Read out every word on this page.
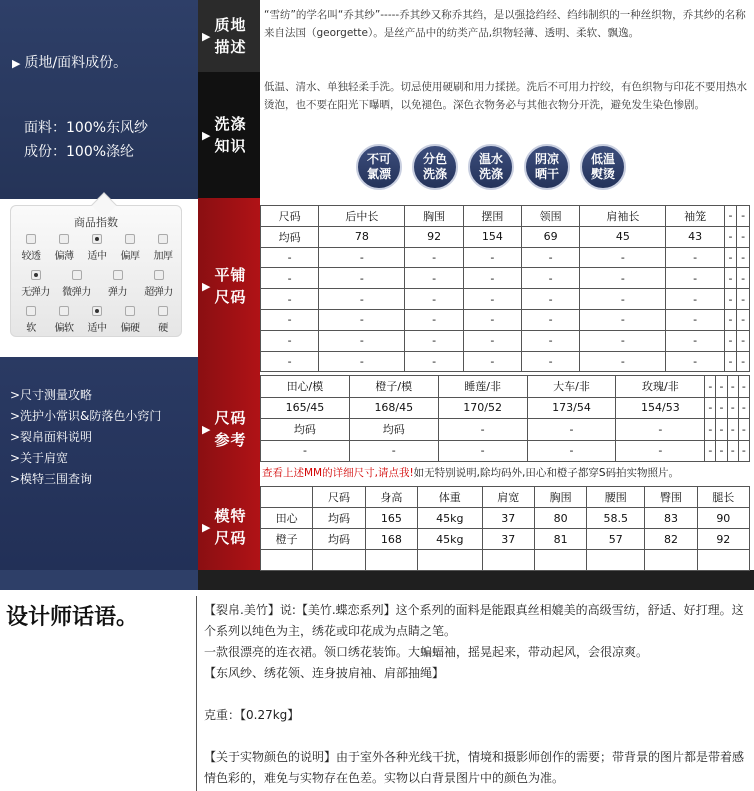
▶ 质地/面料成份。
面料：100%东风纱
成份：100%涤纶
商品指数
较透	偏薄	适中	偏厚	加厚
无弹力 微弹力	弹力	超弹力
软	偏软	适中	偏硬	硬
>尺寸测量攻略
>洗护小常识&防落色小窍门
>裂帛面料说明
>关于肩宽
>模特三围查询
▶
质地
描述
▶
洗涤
知识
▶
平铺
尺码
▶
尺码
参考
▶
模特
尺码
“雪纺”的学名叫“乔其纱”-----乔其纱又称乔其绉，是以强捻绉经、绉纬制织的一种丝织物，乔其纱的名称来自法国（georgette）。是丝产品中的纺类产品,织物轻薄、透明、柔软、飘逸。
低温、清水、单独轻柔手洗。切忌使用硬刷和用力揉搓。洗后不可用力拧绞，有色织物与印花不要用热水烫泡，也不要在阳光下曝晒，以免褪色。深色衣物务必与其他衣物分开洗，避免发生染色惨剧。
不可
氯漂
分色
洗涤
温水
洗涤
阴凉
晒干
低温
熨烫
尺码	后中长	胸围	摆围	领围	肩袖长	袖笼	-	-
均码	78	92	154	69	45	43	-	-
-	-	-	-	-	-	-	-	-
-	-	-	-	-	-	-	-	-
-	-	-	-	-	-	-	-	-
-	-	-	-	-	-	-	-	-
-	-	-	-	-	-	-	-	-
-	-	-	-	-	-	-	-	-
田心/模	橙子/模	睡莲/非	大车/非	玫瑰/非	-	-	-	-
165/45	168/45	170/52	173/54	154/53	-	-	-	-
均码	均码	-	-	-	-	-	-	-
-	-	-	-	-	-	-	-	-
查看上述MM的详细尺寸,请点我!如无特别说明,除均码外,田心和橙子都穿S码拍实物照片。
	尺码	身高	体重	肩宽	胸围	腰围	臀围	腿长
田心	均码	165	45kg	37	80	58.5	83	90
橙子	均码	168	45kg	37	81	57	82	92

设计师话语。	【裂帛.美竹】说:【美竹.蝶恋系列】这个系列的面料是能跟真丝相媲美的高级雪纺，舒适、好打理。这个系列以纯色为主，绣花或印花成为点睛之笔。

一款很漂亮的连衣裙。领口绣花装饰。大蝙蝠袖，摇晃起来，带动起风，会很凉爽。

【东风纱、绣花领、连身披肩袖、肩部抽绳】

克重：【0.27kg】

【关于实物颜色的说明】由于室外各种光线干扰，情境和摄影师创作的需要；带背景的图片都是带着感情色彩的，难免与实物存在色差。实物以白背景图片中的颜色为准。
